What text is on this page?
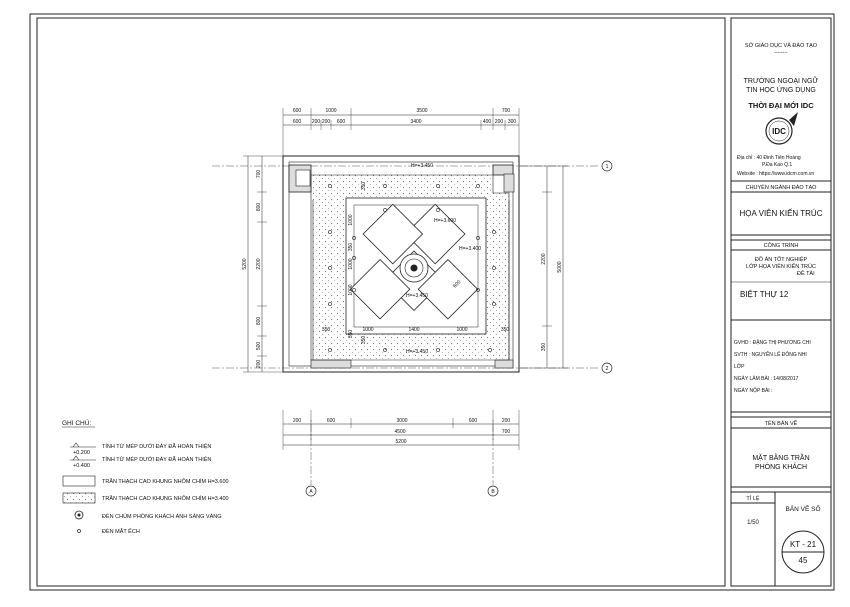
SỞ GIÁO DỤC VÀ ĐÀO TẠO
--------
TRƯỜNG NGOẠI NGỮ
TIN HỌC ỨNG DỤNG
THỜI ĐẠI MỚI IDC
IDC
Địa chỉ : 40 Đinh Tiên Hoàng
P.Đa Kao Q.1
Website : https://www.idcm.com.vn
CHUYÊN NGÀNH ĐÀO TẠO
HỌA VIÊN KIẾN TRÚC
CÔNG TRÌNH
ĐỒ ÁN TỐT NGHIỆP
LỚP HỌA VIÊN KIẾN TRÚC
ĐỀ TÀI
BIỆT THỰ 12
GVHD : ĐẶNG THỊ PHƯƠNG CHI
SVTH : NGUYỄN LÊ ĐÔNG NHI
LỚP
NGÀY LÀM BÀI : 14/08/2017
NGÀY NỘP BÀI :
TÊN BẢN VẼ
MẶT BẰNG TRẦN
PHÒNG KHÁCH
TỈ LỆ
1/50
BẢN VẼ SỐ
KT - 21
45
GHI CHÚ:
+0.200
TÍNH TỪ MÉP DƯỚI ĐÁY ĐÃ HOÀN THIỆN
+0.400
TÍNH TỪ MÉP DƯỚI ĐÁY ĐÃ HOÀN THIỆN
TRẦN THẠCH CAO KHUNG NHÔM CHÌM H=3.600
TRẦN THẠCH CAO KHUNG NHÔM CHÌM H=3.400
ĐÈN CHÙM PHÒNG KHÁCH ÁNH SÁNG VÀNG
ĐÈN MẮT ẾCH
600	1000	3500	700
600 200 200 600	3400	400 200 300
200	600	3000	600	200
4500	700
5200
5200
700
800
2200
800
500
200
2200
350
5000
350
1000
1000
350
350
1000
350
350	1000	1400	1000	350
H=+3.450
H=+3.600
H=+3.400
H=+3.450
H=+3.450
600
1
2
A	B
